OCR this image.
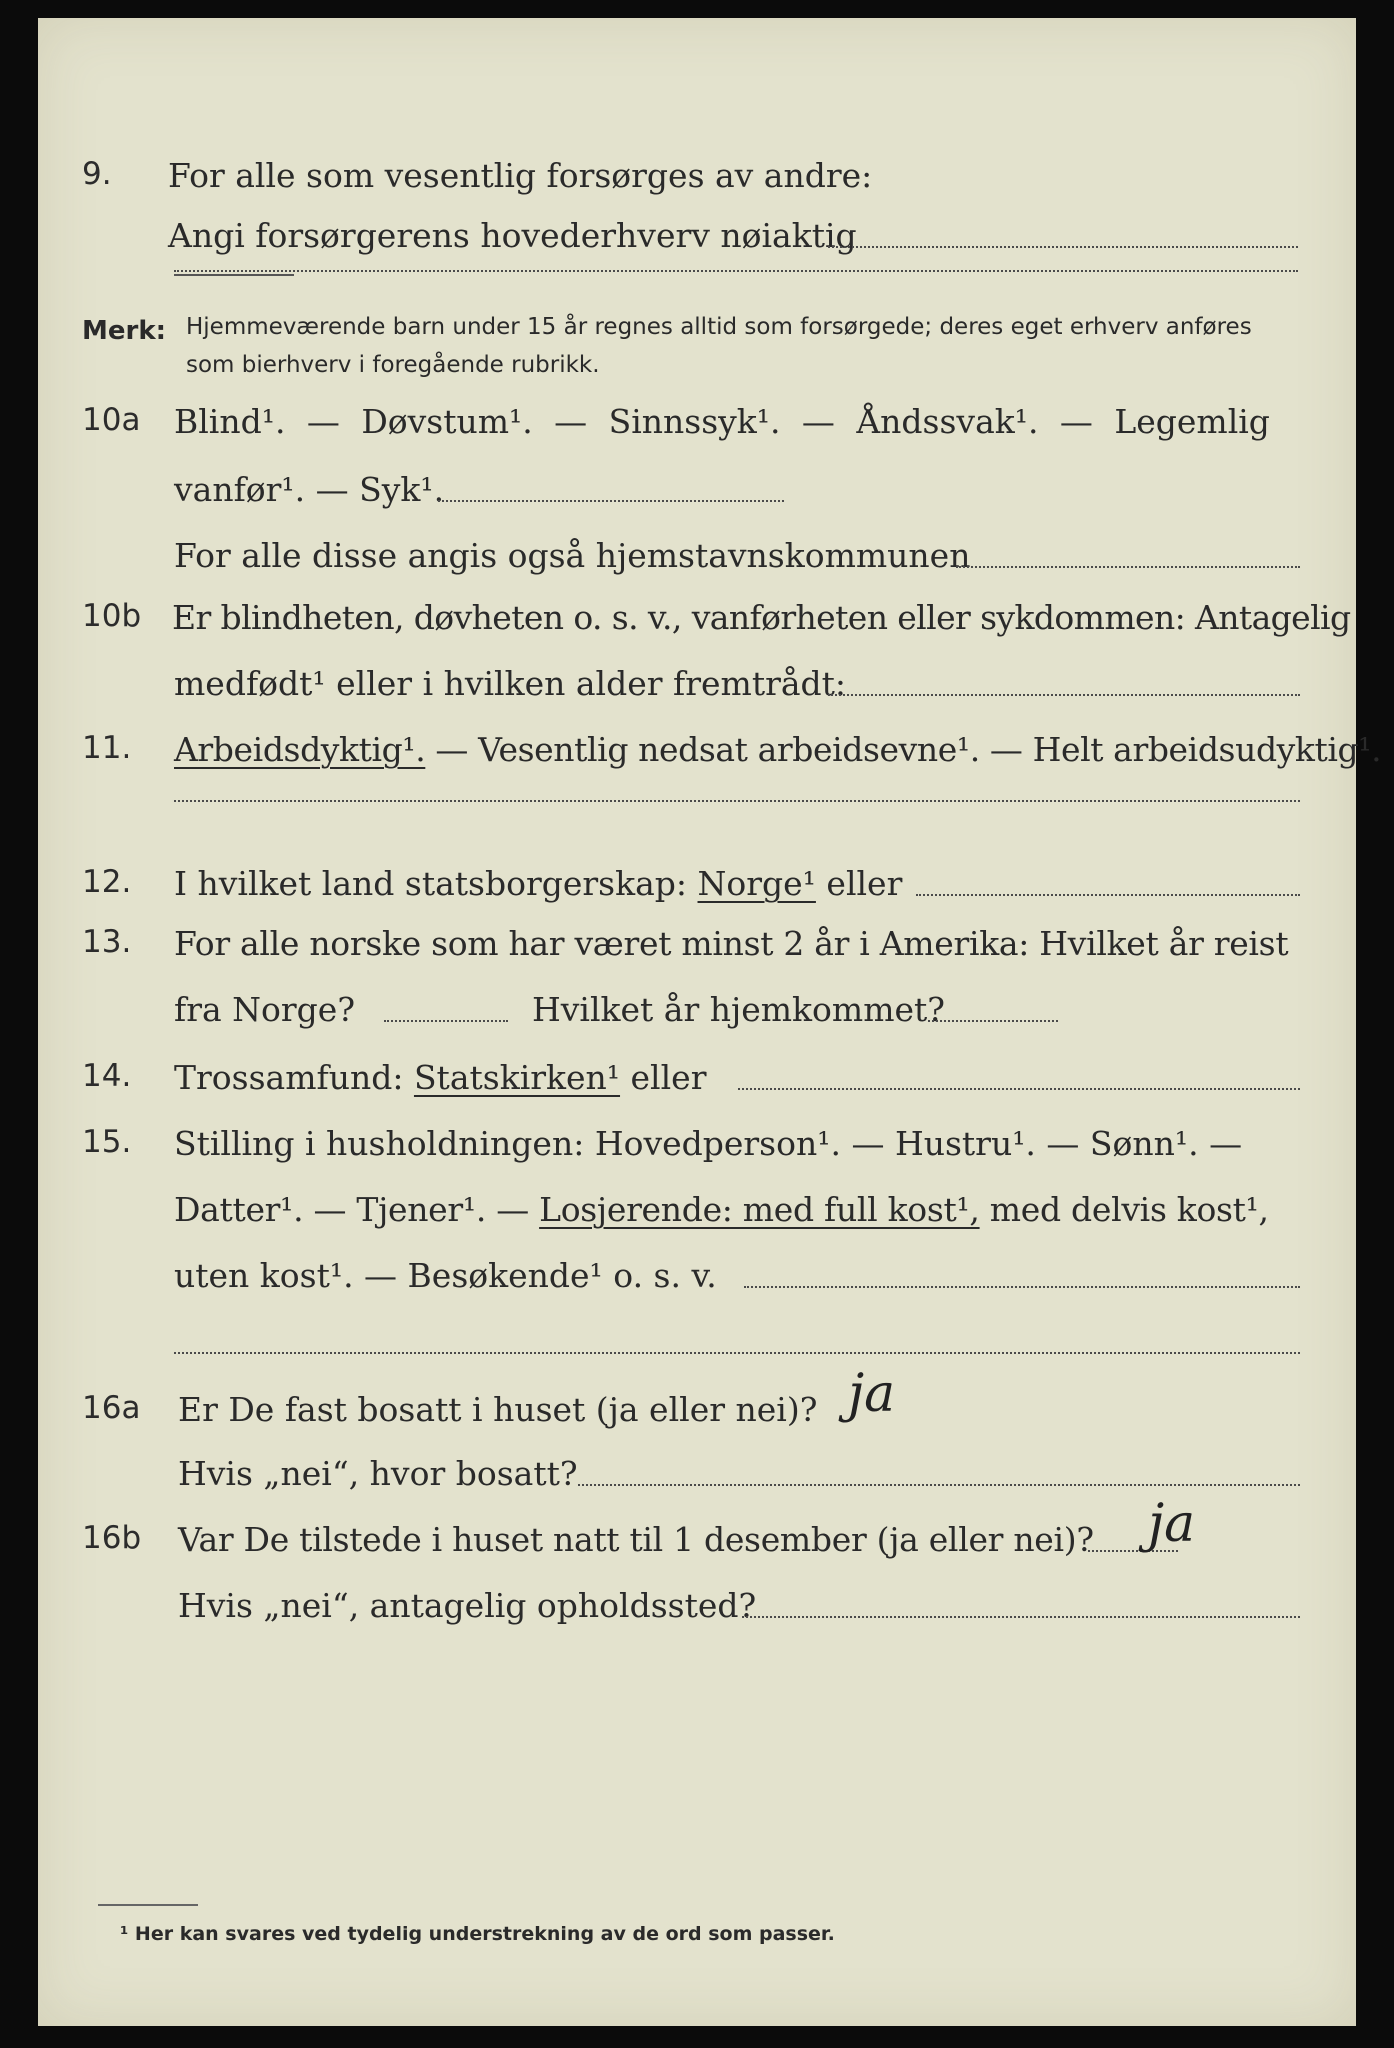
9. For alle som vesentlig forsørges av andre:
Angi forsørgerens hovederhverv nøiaktig
Merk: Hjemmeværende barn under 15 år regnes alltid som forsørgede; deres eget erhverv anføres som bierhverv i foregående rubrikk.
10a Blind¹. — Døvstum¹. — Sinnssyk¹. — Åndssvak¹. — Legemlig
vanfør¹. — Syk¹.
For alle disse angis også hjemstavnskommunen
10b Er blindheten, døvheten o. s. v., vanførheten eller sykdommen: Antagelig
medfødt¹ eller i hvilken alder fremtrådt:
11. Arbeidsdyktig¹. — Vesentlig nedsat arbeidsevne¹. — Helt arbeidsudyktig¹.
12. I hvilket land statsborgerskap: Norge¹ eller
13. For alle norske som har været minst 2 år i Amerika: Hvilket år reist
fra Norge?	Hvilket år hjemkommet?
14. Trossamfund: Statskirken¹ eller
15. Stilling i husholdningen: Hovedperson¹. — Hustru¹. — Sønn¹. —
Datter¹. — Tjener¹. — Losjerende: med full kost¹, med delvis kost¹,
uten kost¹. — Besøkende¹ o. s. v.
16a Er De fast bosatt i huset (ja eller nei)? ja
Hvis „nei“, hvor bosatt?
16b Var De tilstede i huset natt til 1 desember (ja eller nei)? ja
Hvis „nei“, antagelig opholdssted?
¹ Her kan svares ved tydelig understrekning av de ord som passer.
